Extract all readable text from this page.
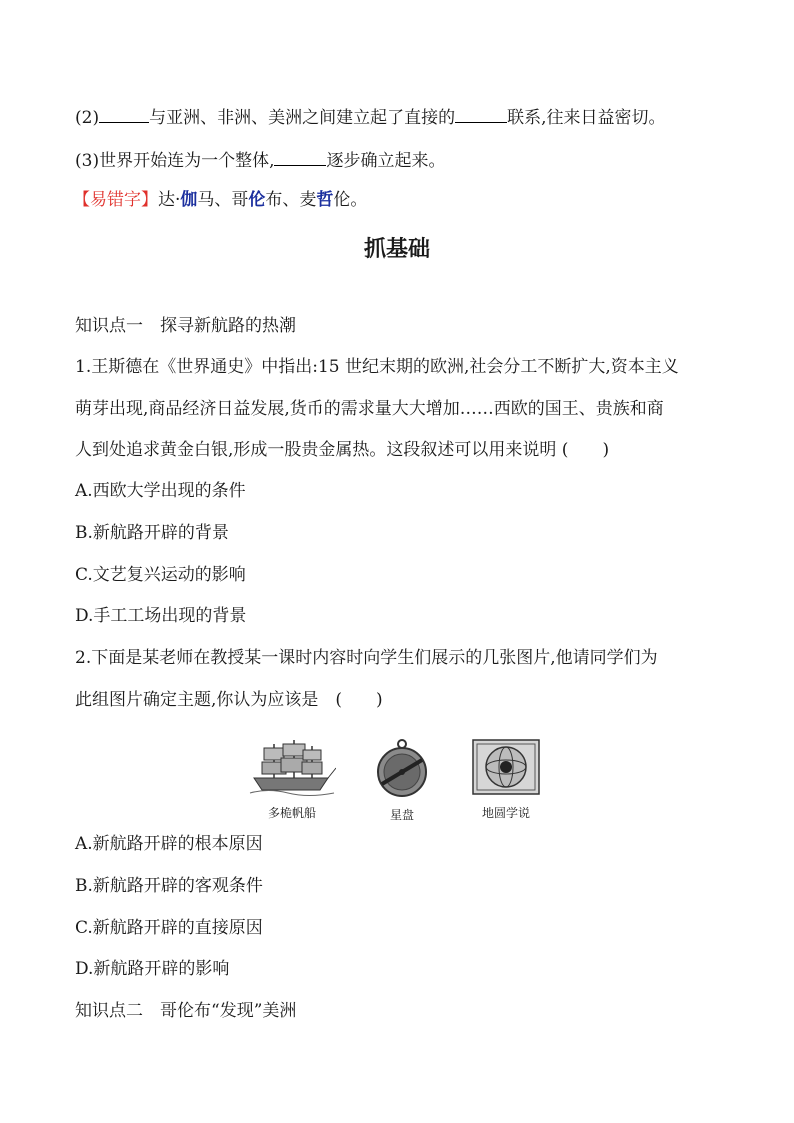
(2)	与亚洲、非洲、美洲之间建立起了直接的	联系,往来日益密切。
(3)世界开始连为一个整体,	逐步确立起来。
【易错字】达·伽马、哥伦布、麦哲伦。
抓基础
知识点一　探寻新航路的热潮
1.王斯德在《世界通史》中指出:15 世纪末期的欧洲,社会分工不断扩大,资本主义
萌芽出现,商品经济日益发展,货币的需求量大大增加……西欧的国王、贵族和商
人到处追求黄金白银,形成一股贵金属热。这段叙述可以用来说明 (　　)
A.西欧大学出现的条件
B.新航路开辟的背景
C.文艺复兴运动的影响
D.手工工场出现的背景
2.下面是某老师在教授某一课时内容时向学生们展示的几张图片,他请同学们为
此组图片确定主题,你认为应该是　(　　)
多桅帆船	星盘	地圆学说
A.新航路开辟的根本原因
B.新航路开辟的客观条件
C.新航路开辟的直接原因
D.新航路开辟的影响
知识点二　哥伦布“发现”美洲
